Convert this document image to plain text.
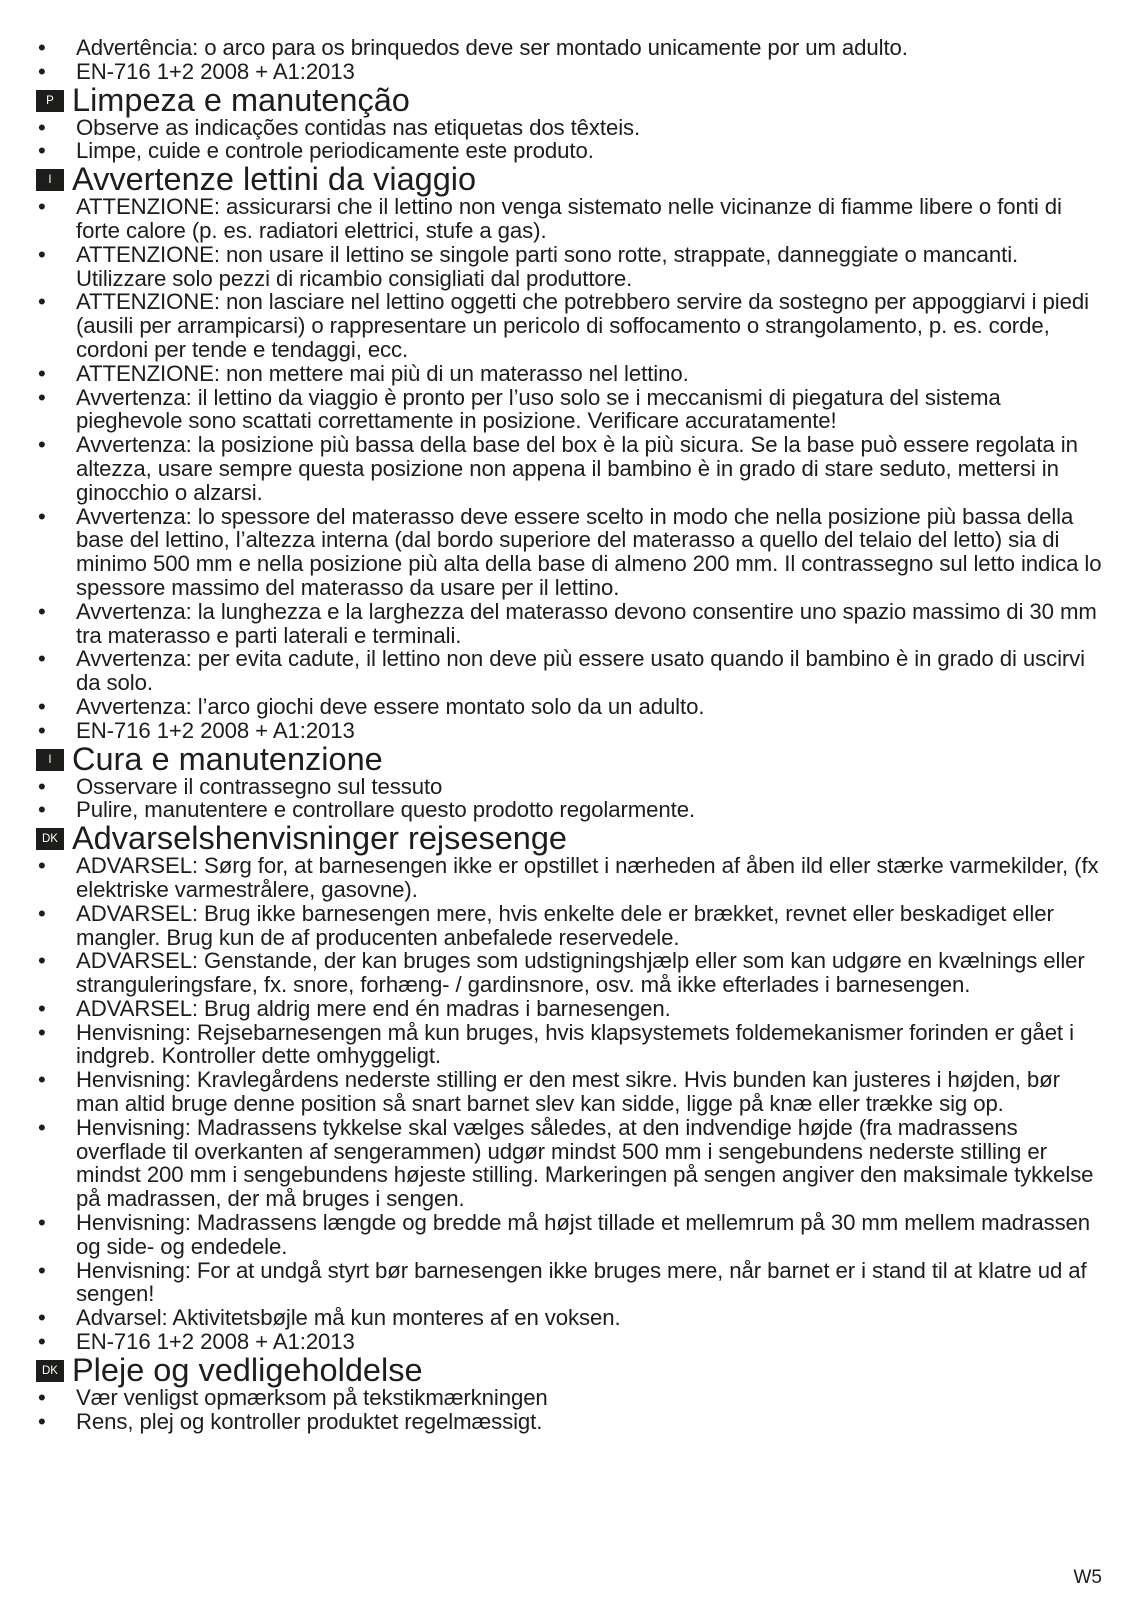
• Advertência: o arco para os brinquedos deve ser montado unicamente por um adulto.
• EN-716 1+2 2008 + A1:2013
P Limpeza e manutenção
• Observe as indicações contidas nas etiquetas dos têxteis.
• Limpe, cuide e controle periodicamente este produto.
I Avvertenze lettini da viaggio
• ATTENZIONE: assicurarsi che il lettino non venga sistemato nelle vicinanze di fiamme libere o fonti di forte calore (p. es. radiatori elettrici, stufe a gas).
• ATTENZIONE: non usare il lettino se singole parti sono rotte, strappate, danneggiate o mancanti. Utilizzare solo pezzi di ricambio consigliati dal produttore.
• ATTENZIONE: non lasciare nel lettino oggetti che potrebbero servire da sostegno per appoggiarvi i piedi (ausili per arrampicarsi) o rappresentare un pericolo di soffocamento o strangolamento, p. es. corde, cordoni per tende e tendaggi, ecc.
• ATTENZIONE: non mettere mai più di un materasso nel lettino.
• Avvertenza: il lettino da viaggio è pronto per l’uso solo se i meccanismi di piegatura del sistema pieghevole sono scattati correttamente in posizione. Verificare accuratamente!
• Avvertenza: la posizione più bassa della base del box è la più sicura. Se la base può essere regolata in altezza, usare sempre questa posizione non appena il bambino è in grado di stare seduto, mettersi in ginocchio o alzarsi.
• Avvertenza: lo spessore del materasso deve essere scelto in modo che nella posizione più bassa della base del lettino, l’altezza interna (dal bordo superiore del materasso a quello del telaio del letto) sia di minimo 500 mm e nella posizione più alta della base di almeno 200 mm. Il contrassegno sul letto indica lo spessore massimo del materasso da usare per il lettino.
• Avvertenza: la lunghezza e la larghezza del materasso devono consentire uno spazio massimo di 30 mm tra materasso e parti laterali e terminali.
• Avvertenza: per evita cadute, il lettino non deve più essere usato quando il bambino è in grado di uscirvi da solo.
• Avvertenza: l’arco giochi deve essere montato solo da un adulto.
• EN-716 1+2 2008 + A1:2013
I Cura e manutenzione
• Osservare il contrassegno sul tessuto
• Pulire, manutentere e controllare questo prodotto regolarmente.
DK Advarselshenvisninger rejsesenge
• ADVARSEL: Sørg for, at barnesengen ikke er opstillet i nærheden af åben ild eller stærke varmekilder, (fx elektriske varmestrålere, gasovne).
• ADVARSEL: Brug ikke barnesengen mere, hvis enkelte dele er brækket, revnet eller beskadiget eller mangler. Brug kun de af producenten anbefalede reservedele.
• ADVARSEL: Genstande, der kan bruges som udstigningshjælp eller som kan udgøre en kvælnings eller stranguleringsfare, fx. snore, forhæng- / gardinsnore, osv. må ikke efterlades i barnesengen.
• ADVARSEL: Brug aldrig mere end én madras i barnesengen.
• Henvisning: Rejsebarnesengen må kun bruges, hvis klapsystemets foldemekanismer forinden er gået i indgreb. Kontroller dette omhyggeligt.
• Henvisning: Kravlegårdens nederste stilling er den mest sikre. Hvis bunden kan justeres i højden, bør man altid bruge denne position så snart barnet slev kan sidde, ligge på knæ eller trække sig op.
• Henvisning: Madrassens tykkelse skal vælges således, at den indvendige højde (fra madrassens overflade til overkanten af sengerammen) udgør mindst 500 mm i sengebundens nederste stilling er mindst 200 mm i sengebundens højeste stilling. Markeringen på sengen angiver den maksimale tykkelse på madrassen, der må bruges i sengen.
• Henvisning: Madrassens længde og bredde må højst tillade et mellemrum på 30 mm mellem madrassen og side- og endedele.
• Henvisning: For at undgå styrt bør barnesengen ikke bruges mere, når barnet er i stand til at klatre ud af sengen!
• Advarsel: Aktivitetsbøjle må kun monteres af en voksen.
• EN-716 1+2 2008 + A1:2013
DK Pleje og vedligeholdelse
• Vær venligst opmærksom på tekstikmærkningen
• Rens, plej og kontroller produktet regelmæssigt.
W5
